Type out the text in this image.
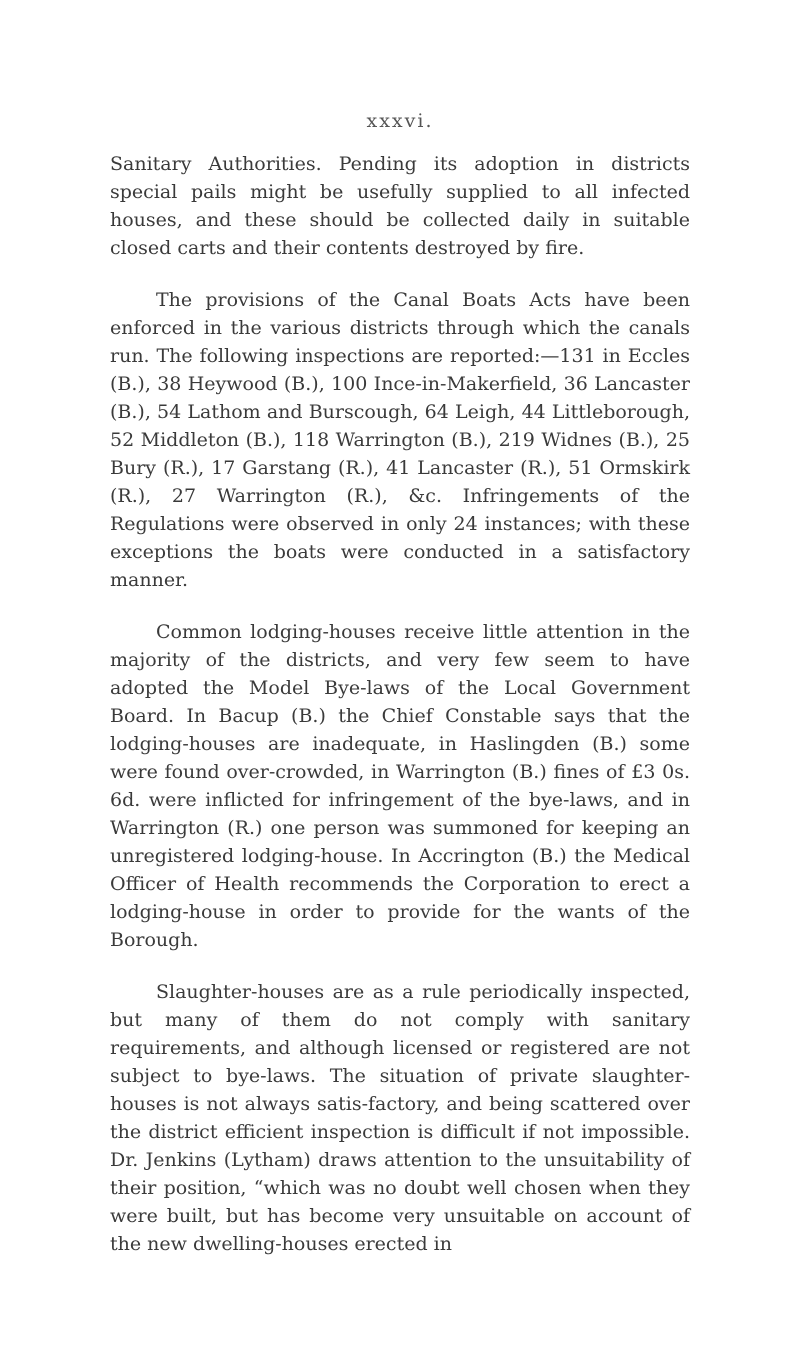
xxxvi.

Sanitary Authorities. Pending its adoption in districts special pails might be usefully supplied to all infected houses, and these should be collected daily in suitable closed carts and their contents destroyed by fire.

The provisions of the Canal Boats Acts have been enforced in the various districts through which the canals run. The following inspections are reported:—131 in Eccles (B.), 38 Heywood (B.), 100 Ince-in-Makerfield, 36 Lancaster (B.), 54 Lathom and Burscough, 64 Leigh, 44 Littleborough, 52 Middleton (B.), 118 Warrington (B.), 219 Widnes (B.), 25 Bury (R.), 17 Garstang (R.), 41 Lancaster (R.), 51 Ormskirk (R.), 27 Warrington (R.), &c. Infringements of the Regulations were observed in only 24 instances; with these exceptions the boats were conducted in a satisfactory manner.

Common lodging-houses receive little attention in the majority of the districts, and very few seem to have adopted the Model Bye-laws of the Local Government Board. In Bacup (B.) the Chief Constable says that the lodging-houses are inadequate, in Haslingden (B.) some were found over-crowded, in Warrington (B.) fines of £3 0s. 6d. were inflicted for infringement of the bye-laws, and in Warrington (R.) one person was summoned for keeping an unregistered lodging-house. In Accrington (B.) the Medical Officer of Health recommends the Corporation to erect a lodging-house in order to provide for the wants of the Borough.

Slaughter-houses are as a rule periodically inspected, but many of them do not comply with sanitary requirements, and although licensed or registered are not subject to bye-laws. The situation of private slaughter-houses is not always satis-factory, and being scattered over the district efficient inspection is difficult if not impossible. Dr. Jenkins (Lytham) draws attention to the unsuitability of their position, “which was no doubt well chosen when they were built, but has become very unsuitable on account of the new dwelling-houses erected in
